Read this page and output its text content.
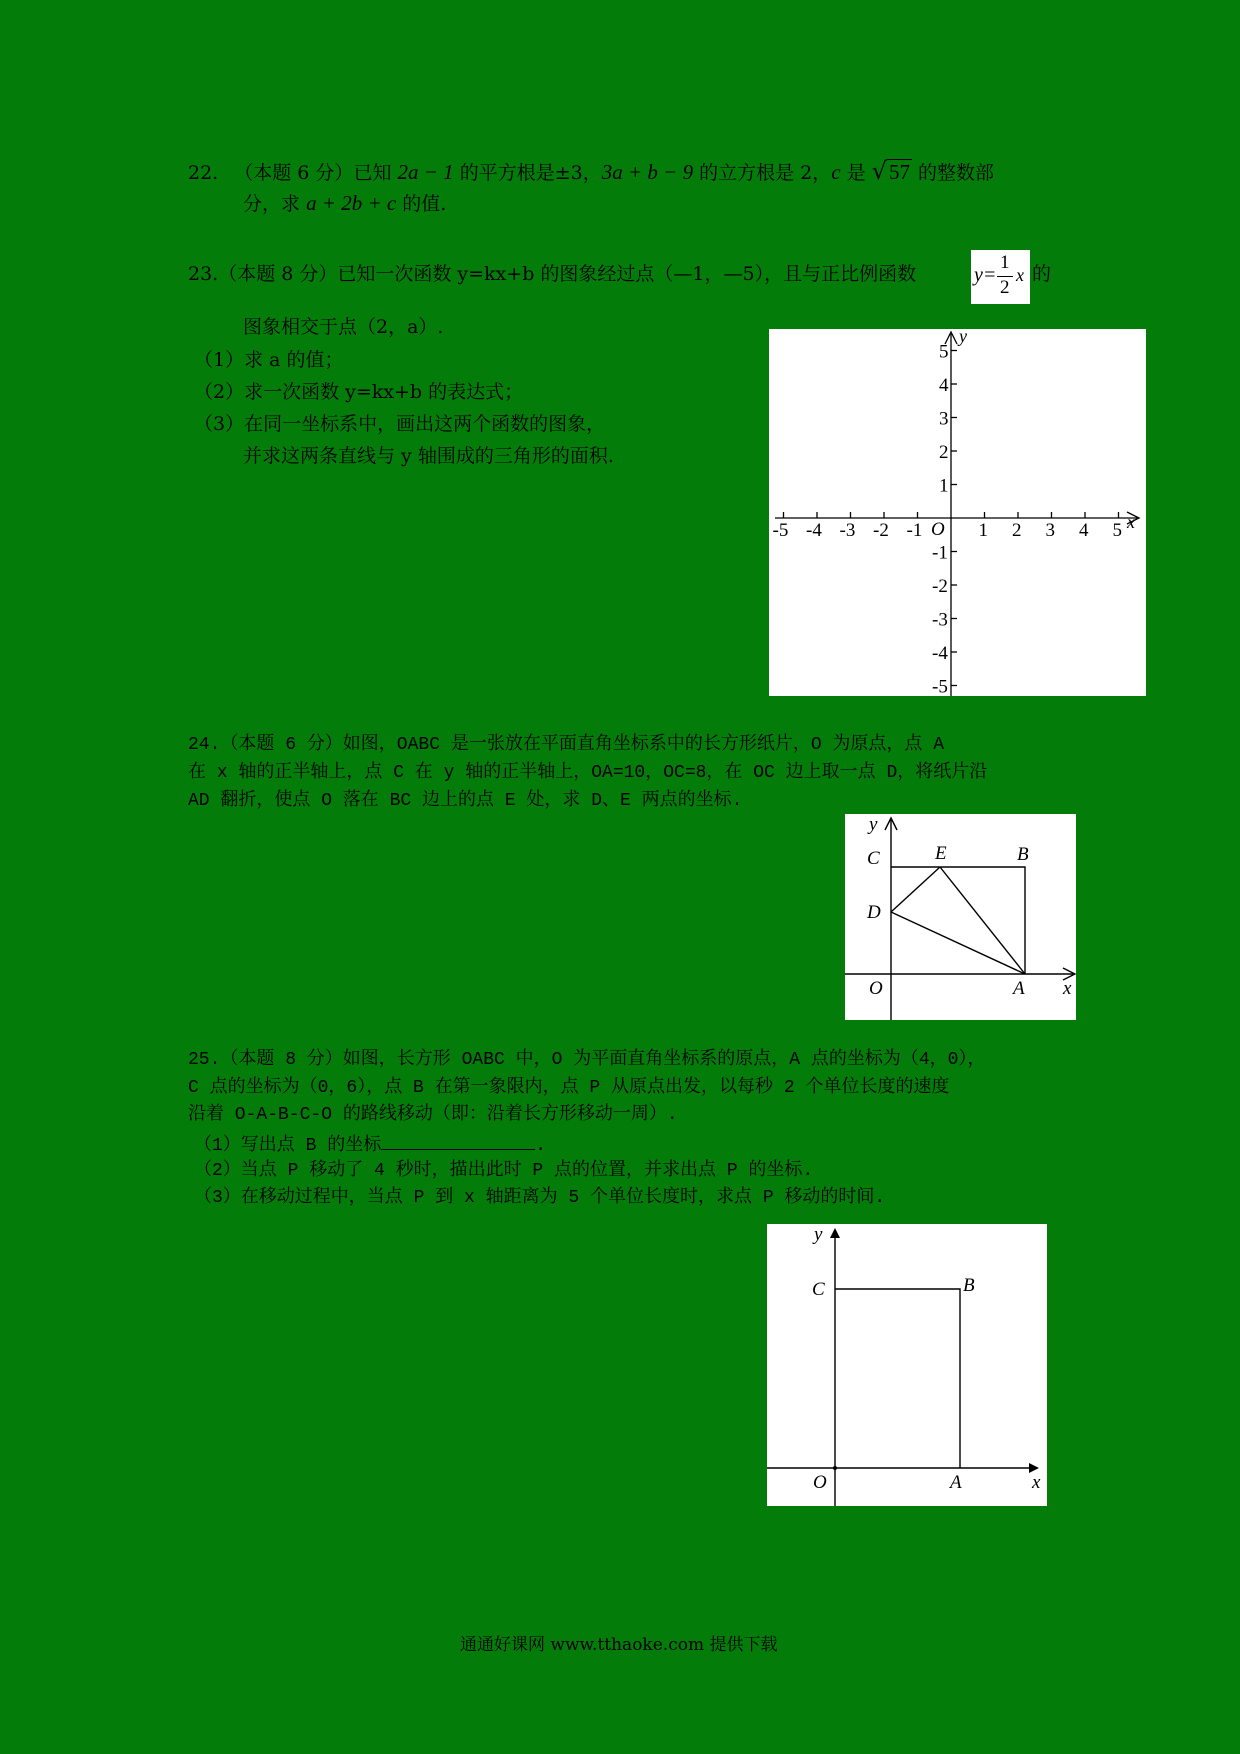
22. （本题 6 分）已知 2a − 1 的平方根是±3，3a + b − 9 的立方根是 2，c 是 √57 的整数部
分，求 a + 2b + c 的值.
23.（本题 8 分）已知一次函数 y=kx+b 的图象经过点（—1，—5），且与正比例函数	y=
1
2
x 的
图象相交于点（2，a）.
（1）求 a 的值；
（2）求一次函数 y=kx+b 的表达式；
（3）在同一坐标系中，画出这两个函数的图象，
并求这两条直线与 y 轴围成的三角形的面积.
-5 -4 -3 -2 -1	1 2 3 4 5
5
4
3
2
1
-1
-2
-3
-4
-5
x
y
O
24.（本题 6 分）如图，OABC 是一张放在平面直角坐标系中的长方形纸片，O 为原点，点 A
在 x 轴的正半轴上，点 C 在 y 轴的正半轴上，OA=10，OC=8，在 OC 边上取一点 D，将纸片沿
AD 翻折，使点 O 落在 BC 边上的点 E 处，求 D、E 两点的坐标.
y
C	E	B
D
O	A x
25.（本题 8 分）如图，长方形 OABC 中，O 为平面直角坐标系的原点，A 点的坐标为（4，0），
C 点的坐标为（0，6），点 B 在第一象限内，点 P 从原点出发，以每秒 2 个单位长度的速度
沿着 O-A-B-C-O 的路线移动（即：沿着长方形移动一周）.
（1）写出点 B 的坐标	.
（2）当点 P 移动了 4 秒时，描出此时 P 点的位置，并求出点 P 的坐标.
（3）在移动过程中，当点 P 到 x 轴距离为 5 个单位长度时，求点 P 移动的时间.
y
C	B
O	A	x
通通好课网 www.tthaoke.com 提供下载
